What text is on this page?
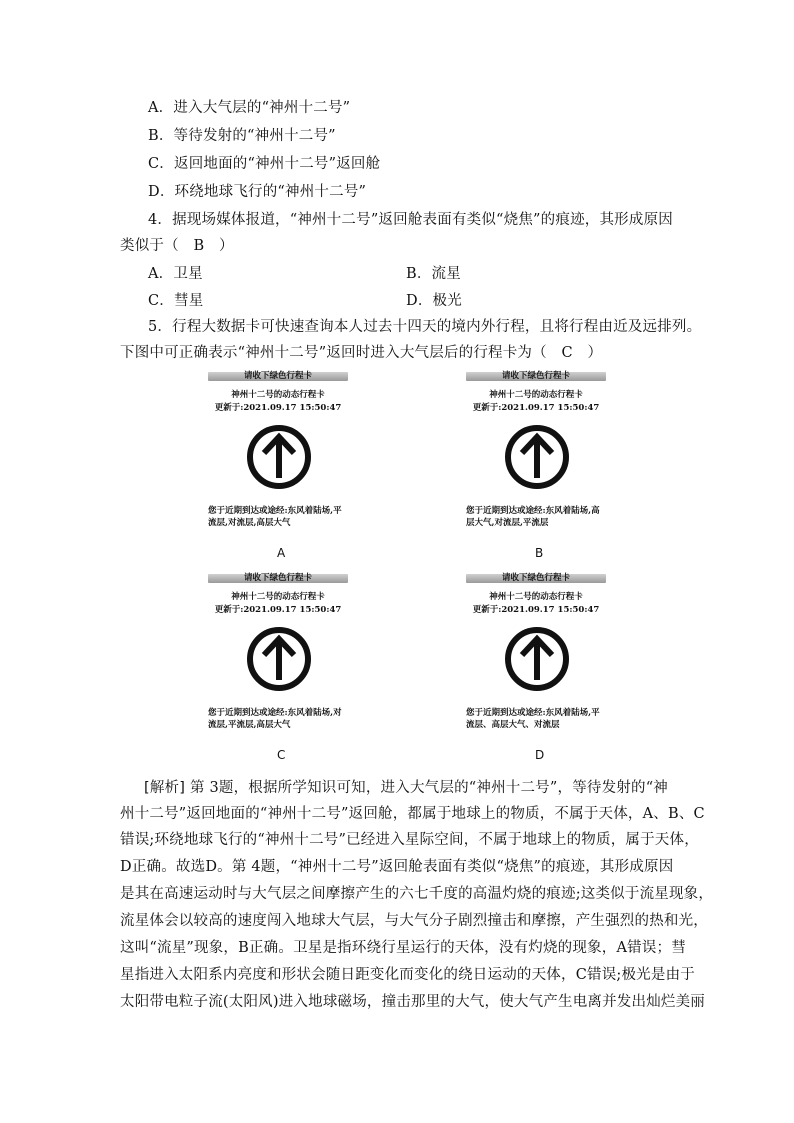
A．进入大气层的“神州十二号”
B．等待发射的“神州十二号”
C．返回地面的“神州十二号”返回舱
D．环绕地球飞行的“神州十二号”
4．据现场媒体报道，“神州十二号”返回舱表面有类似“烧焦”的痕迹，其形成原因
类似于（　B　）
A．卫星	B．流星
C．彗星	D．极光
5．行程大数据卡可快速查询本人过去十四天的境内外行程，且将行程由近及远排列。
下图中可正确表示“神州十二号”返回时进入大气层后的行程卡为（　C　）
请收下绿色行程卡
神州十二号的动态行程卡
更新于:2021.09.17 15:50:47
您于近期到达或途经:东风着陆场,平流层,对流层,高层大气
A
请收下绿色行程卡
神州十二号的动态行程卡
更新于:2021.09.17 15:50:47
您于近期到达或途经:东风着陆场,高层大气,对流层,平流层
B
请收下绿色行程卡
神州十二号的动态行程卡
更新于:2021.09.17 15:50:47
您于近期到达或途经:东风着陆场,对流层,平流层,高层大气
C
请收下绿色行程卡
神州十二号的动态行程卡
更新于:2021.09.17 15:50:47
您于近期到达或途经:东风着陆场,平流层、高层大气、对流层
D
[解析] 第 3题，根据所学知识可知，进入大气层的“神州十二号”，等待发射的“神
州十二号”返回地面的“神州十二号”返回舱，都属于地球上的物质，不属于天体，A、B、C
错误;环绕地球飞行的“神州十二号”已经进入星际空间，不属于地球上的物质，属于天体，
D正确。故选D。第 4题，“神州十二号”返回舱表面有类似“烧焦”的痕迹，其形成原因
是其在高速运动时与大气层之间摩擦产生的六七千度的高温灼烧的痕迹;这类似于流星现象，
流星体会以较高的速度闯入地球大气层，与大气分子剧烈撞击和摩擦，产生强烈的热和光，
这叫“流星”现象，B正确。卫星是指环绕行星运行的天体，没有灼烧的现象，A错误；彗
星指进入太阳系内亮度和形状会随日距变化而变化的绕日运动的天体，C错误;极光是由于
太阳带电粒子流(太阳风)进入地球磁场，撞击那里的大气，使大气产生电离并发出灿烂美丽
